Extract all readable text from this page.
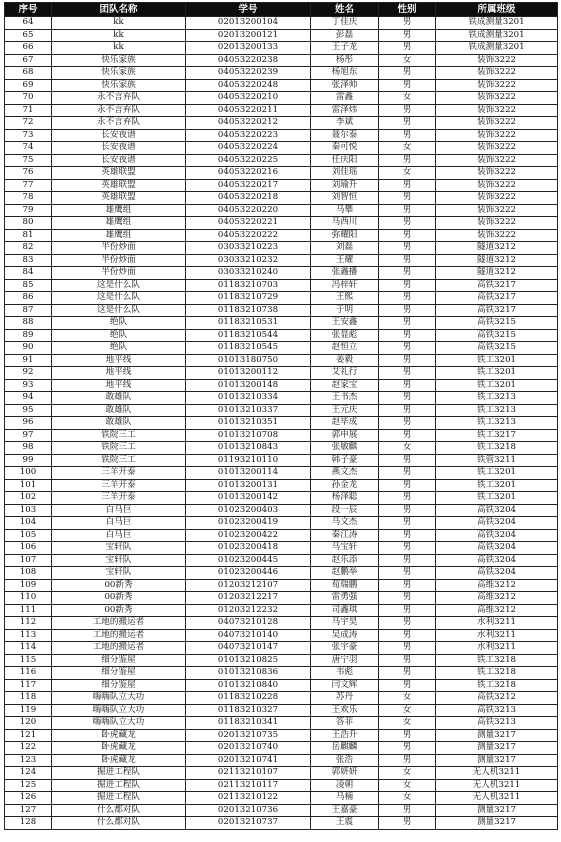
序号	团队名称	学号	姓名	性别	所属班级
64	kk	02013200104	丁佳庆	男	铁成测量3201
65	kk	02013200121	彭磊	男	铁成测量3201
66	kk	02013200133	王子龙	男	铁成测量3201
67	快乐家族	04053220238	杨彤	女	装饰3222
68	快乐家族	04053220239	杨旭东	男	装饰3222
69	快乐家族	04053220248	张泽帅	男	装饰3222
70	永不言弃队	04053220210	雷鑫	女	装饰3222
71	永不言弃队	04053220211	雷泽炜	男	装饰3222
72	永不言弃队	04053220212	李斌	男	装饰3222
73	长安夜谱	04053220223	聂尔泰	男	装饰3222
74	长安夜谱	04053220224	秦可悦	女	装饰3222
75	长安夜谱	04053220225	任庆阳	男	装饰3222
76	英雄联盟	04053220216	刘佳瑶	女	装饰3222
77	英雄联盟	04053220217	刘瑜升	男	装饰3222
78	英雄联盟	04053220218	刘智恒	男	装饰3222
79	雄鹰组	04053220220	马攀	男	装饰3222
80	雄鹰组	04053220221	马西川	男	装饰3222
81	雄鹰组	04053220222	弥耀阳	男	装饰3222
82	半份炒面	03033210223	刘磊	男	隧道3212
83	半份炒面	03033210232	王耀	男	隧道3212
84	半份炒面	03033210240	张鑫播	男	隧道3212
85	这是什么队	01183210703	冯梓轩	男	高铁3217
86	这是什么队	01183210729	王熙	男	高铁3217
87	这是什么队	01183210738	于明	男	高铁3217
88	绝队	01183210531	王安鑫	男	高铁3215
89	绝队	01183210544	张显彪	男	高铁3215
90	绝队	01183210545	赵恒立	男	高铁3215
91	地平线	01013180750	姜毅	男	铁工3201
92	地平线	01013200112	艾礼行	男	铁工3201
93	地平线	01013200148	赵家宝	男	铁工3201
94	敢雄队	01013210334	王书杰	男	铁工3213
95	敢雄队	01013210337	王元庆	男	铁工3213
96	敢雄队	01013210351	赵毕成	男	铁工3213
97	铁院三工	01013210708	郭申展	男	铁工3217
98	铁院三工	01013210843	张敏麒	女	铁工3218
99	铁院三工	01193210110	韩子豪	男	铁管3211
100	三羊开泰	01013200114	燕文杰	男	铁工3201
101	三羊开泰	01013200131	孙金龙	男	铁工3201
102	三羊开泰	01013200142	杨泽聪	男	铁工3201
103	白马巨	01023200403	段一辰	男	高铁3204
104	白马巨	01023200419	马文杰	男	高铁3204
105	白马巨	01023200422	秦江涛	男	高铁3204
106	宝轩队	01023200418	马宝轩	男	高铁3204
107	宝轩队	01023200445	赵乐添	男	高铁3204
108	宝轩队	01023200446	赵鹏举	男	高铁3204
109	00新秀	01203212107	荀瑞鹏	男	高维3212
110	00新秀	01203212217	雷勇强	男	高维3212
111	00新秀	01203212232	司鑫琪	男	高维3212
112	工地的搬运者	04073210128	马宇昊	男	水利3211
113	工地的搬运者	04073210140	吴成涛	男	水利3211
114	工地的搬运者	04073210147	张宇豪	男	水利3211
115	细分鉴屋	01013210825	唐宁羽	男	铁工3218
116	细分鉴屋	01013210836	韦彪	男	铁工3218
117	细分鉴屋	01013210840	闫文辉	男	铁工3218
118	嗨嗨队立大功	01183210228	苏丹	女	高铁3212
119	嗨嗨队立大功	01183210327	王欢乐	女	高铁3213
120	嗨嗨队立大功	01183210341	答菲	女	高铁3213
121	卧虎藏龙	02013210735	王浩升	男	测量3217
122	卧虎藏龙	02013210740	岳麒麟	男	测量3217
123	卧虎藏龙	02013210741	张浩	男	测量3217
124	掘进工程队	02113210107	郭妍妍	女	无人机3211
125	掘进工程队	02113210117	凌朝	女	无人机3211
126	掘进工程队	02113210122	马楠	女	无人机3211
127	什么都对队	02013210736	王嘉豪	男	测量3217
128	什么都对队	02013210737	王震	男	测量3217
